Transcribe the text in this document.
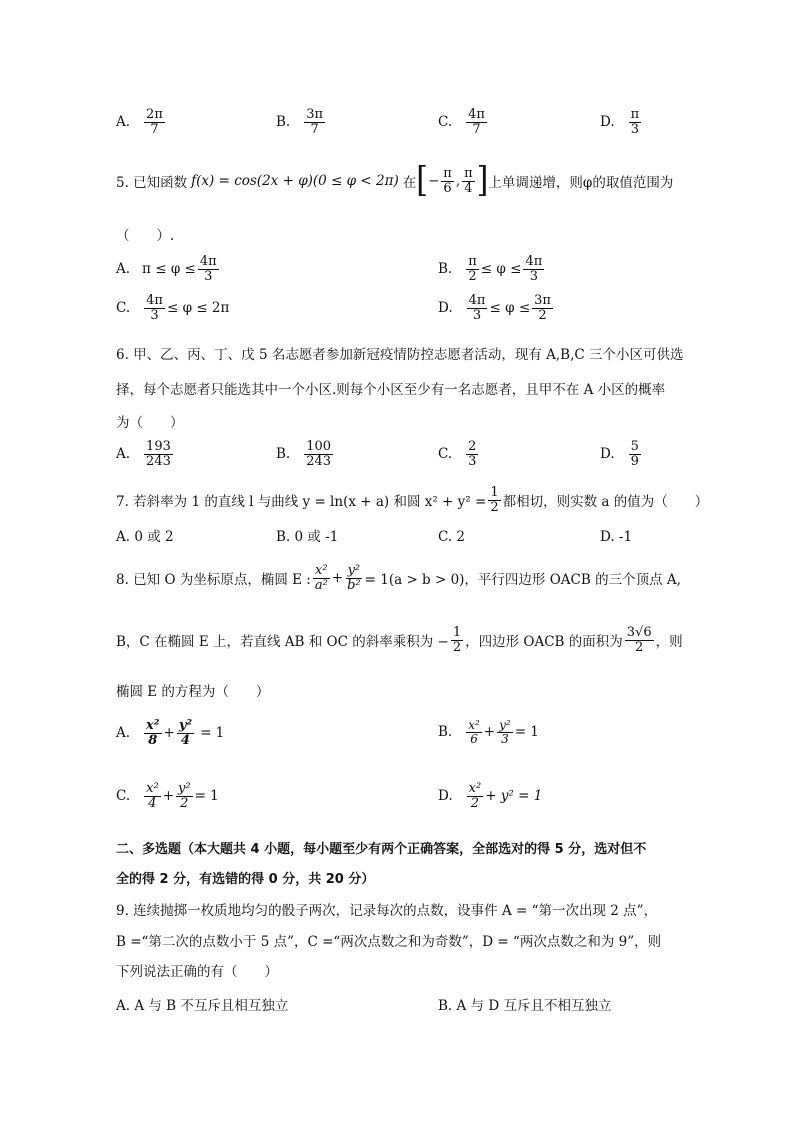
A. $\frac{2\pi}{7}$	B. $\frac{3\pi}{7}$	C. $\frac{4\pi}{7}$	D. $\frac{\pi}{3}$
5. 已知函数 f(x) = cos(2x + φ)(0 ≤ φ < 2π) 在 [ − $\frac{\pi}{6}$ , $\frac{\pi}{4}$ ] 上单调递增，则φ的取值范围为
（　　）.
A. $\pi \le \varphi \le \frac{4\pi}{3}$	B. $\frac{\pi}{2} \le \varphi \le \frac{4\pi}{3}$
C. $\frac{4\pi}{3} \le \varphi \le 2\pi$	D. $\frac{4\pi}{3} \le \varphi \le \frac{3\pi}{2}$
6. 甲、乙、丙、丁、戊 5 名志愿者参加新冠疫情防控志愿者活动，现有 A,B,C 三个小区可供选
择，每个志愿者只能选其中一个小区.则每个小区至少有一名志愿者，且甲不在 A 小区的概率
为（　　）
A. $\frac{193}{243}$	B. $\frac{100}{243}$	C. $\frac{2}{3}$	D. $\frac{5}{9}$
7. 若斜率为 1 的直线 l 与曲线 y = ln(x + a) 和圆 $x^2 + y^2 = \frac{1}{2}$ 都相切，则实数 a 的值为（　　）
A. 0 或 2	B. 0 或 -1	C. 2	D. -1
8. 已知 O 为坐标原点，椭圆 E : $\frac{\text{x²}}{\text{a²}} + \frac{\text{y²}}{\text{b²}} = 1(a > b > 0)$，平行四边形 OACB 的三个顶点 A,
B，C 在椭圆 E 上，若直线 AB 和 OC 的斜率乘积为 − $\frac{1}{2}$ ，四边形 OACB 的面积为 $\frac{3√6}{2}$ ，则
椭圆 E 的方程为（　　）
A. $\frac{\text{x²}}{8} + \frac{\text{y²}}{4} = 1$	B. $\frac{\text{x²}}{6} + \frac{\text{y²}}{3} = 1$
C. $\frac{\text{x²}}{4} + \frac{\text{y²}}{2} = 1$	D. $\frac{\text{x²}}{2} + y^2 = 1$
二、多选题（本大题共 4 小题，每小题至少有两个正确答案，全部选对的得 5 分，选对但不
全的得 2 分，有选错的得 0 分，共 20 分）
9. 连续抛掷一枚质地均匀的骰子两次，记录每次的点数，设事件 A = “第一次出现 2 点”，
B =“第二次的点数小于 5 点”，C =“两次点数之和为奇数”，D = “两次点数之和为 9”，则
下列说法正确的有（　　）
A. A 与 B 不互斥且相互独立	B. A 与 D 互斥且不相互独立
